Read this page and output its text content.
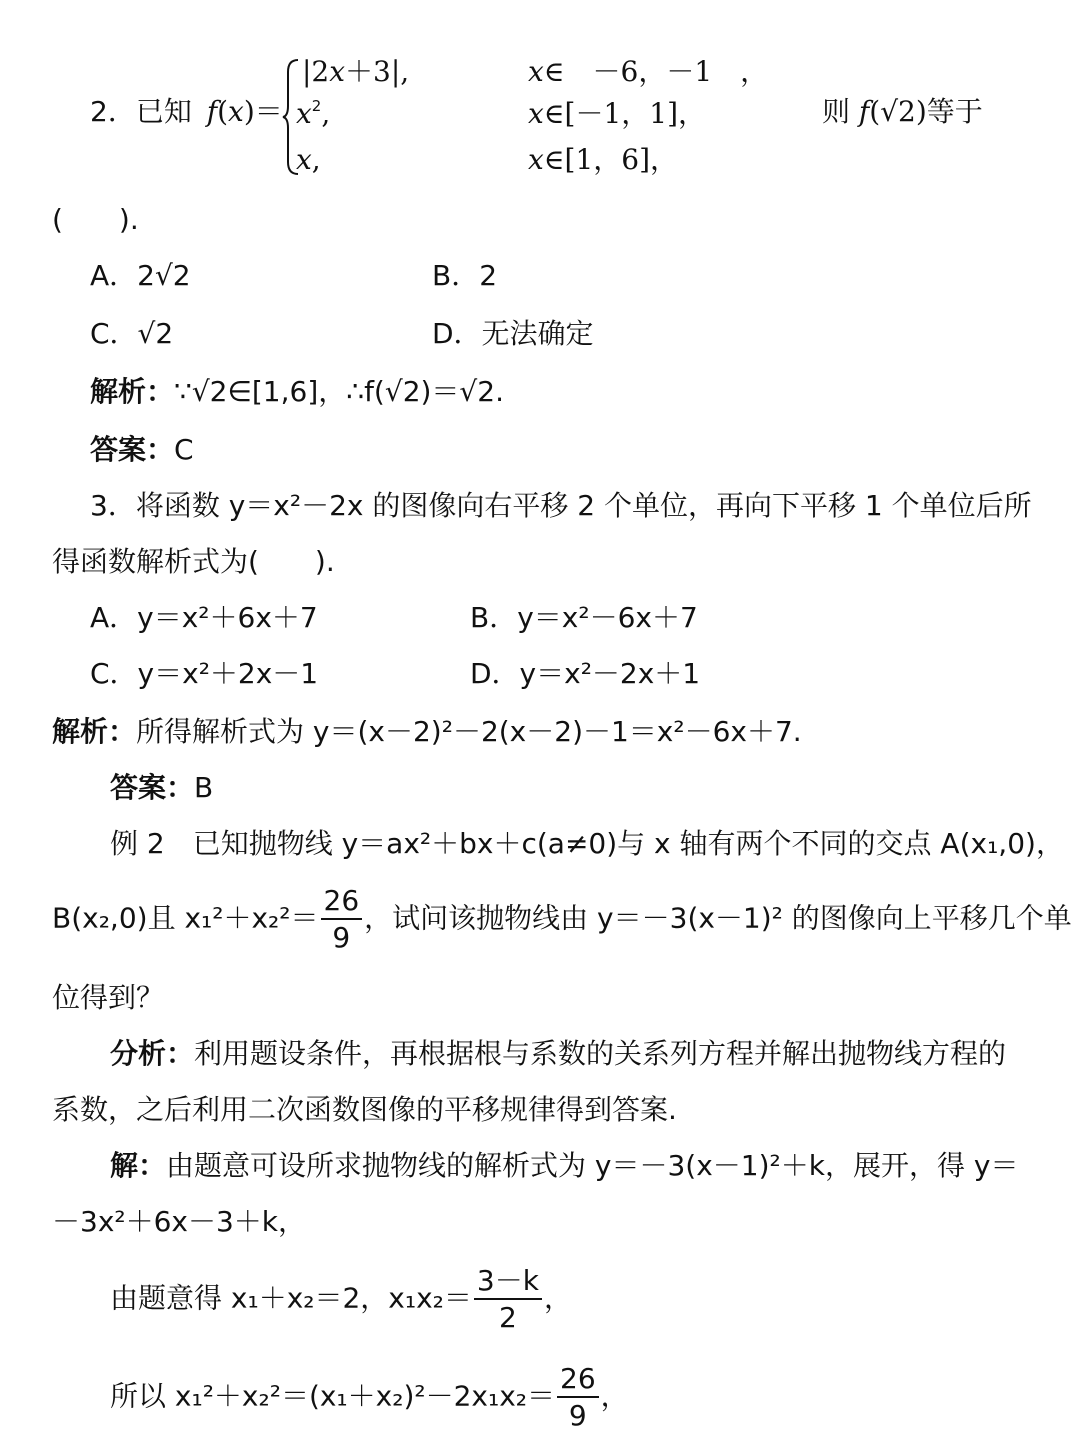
2．已知 f(x)＝
|2x＋3|,	x∈　－6，－1　，
$x^2$,	x∈[－1，1]，
x,	x∈[1，6]，
则 f(√2)等于
(　　).
A．2√2	B．2
C．√2	D．无法确定
解析：∵√2∈[1,6]，∴f(√2)＝√2.
答案：C
3．将函数 y＝x²－2x 的图像向右平移 2 个单位，再向下平移 1 个单位后所
得函数解析式为(　　).
A．y＝x²＋6x＋7	B．y＝x²－6x＋7
C．y＝x²＋2x－1	D．y＝x²－2x＋1
解析：所得解析式为 y＝(x－2)²－2(x－2)－1＝x²－6x＋7.
答案：B
例 2　已知抛物线 y＝ax²＋bx＋c(a≠0)与 x 轴有两个不同的交点 A(x₁,0)，
B(x₂,0)且 $x_1^2+x_2^2= \frac{26}{9}$ ，试问该抛物线由 y＝－3(x－1)² 的图像向上平移几个单
位得到？
分析：利用题设条件，再根据根与系数的关系列方程并解出抛物线方程的
系数，之后利用二次函数图像的平移规律得到答案.
解：由题意可设所求抛物线的解析式为 y＝－3(x－1)²＋k，展开，得 y＝
－3x²＋6x－3＋k，
由题意得 x₁＋x₂＝2，$x_1x_2= \frac{3-k}{2}$ ，
所以 $x_1^2+x_2^2=(x_1+x_2)^2-2x_1x_2= \frac{26}{9}$ ，
